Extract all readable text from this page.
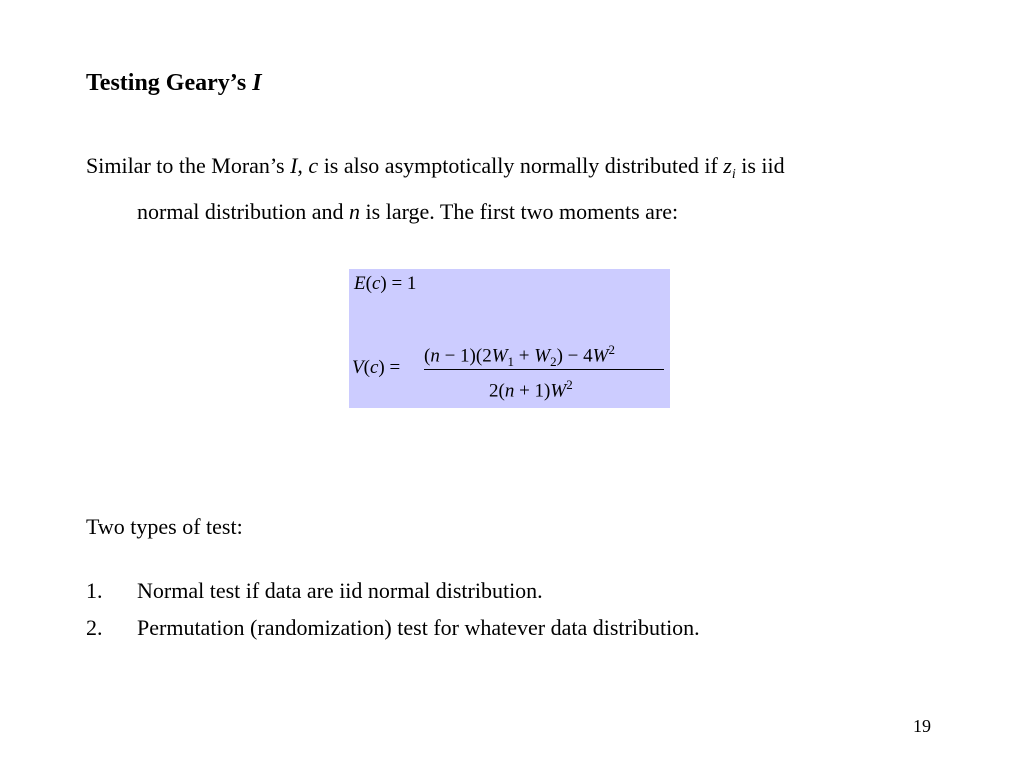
Testing Geary’s I
Similar to the Moran’s I, c is also asymptotically normally distributed if $z_i$ is iid
normal distribution and n is large. The first two moments are:
E(c) = 1
V(c) =
$(n - 1)(2W_1 + W_2) - 4W^2$
$2(n + 1)W^2$
Two types of test:
1. Normal test if data are iid normal distribution.
2. Permutation (randomization) test for whatever data distribution.
19
